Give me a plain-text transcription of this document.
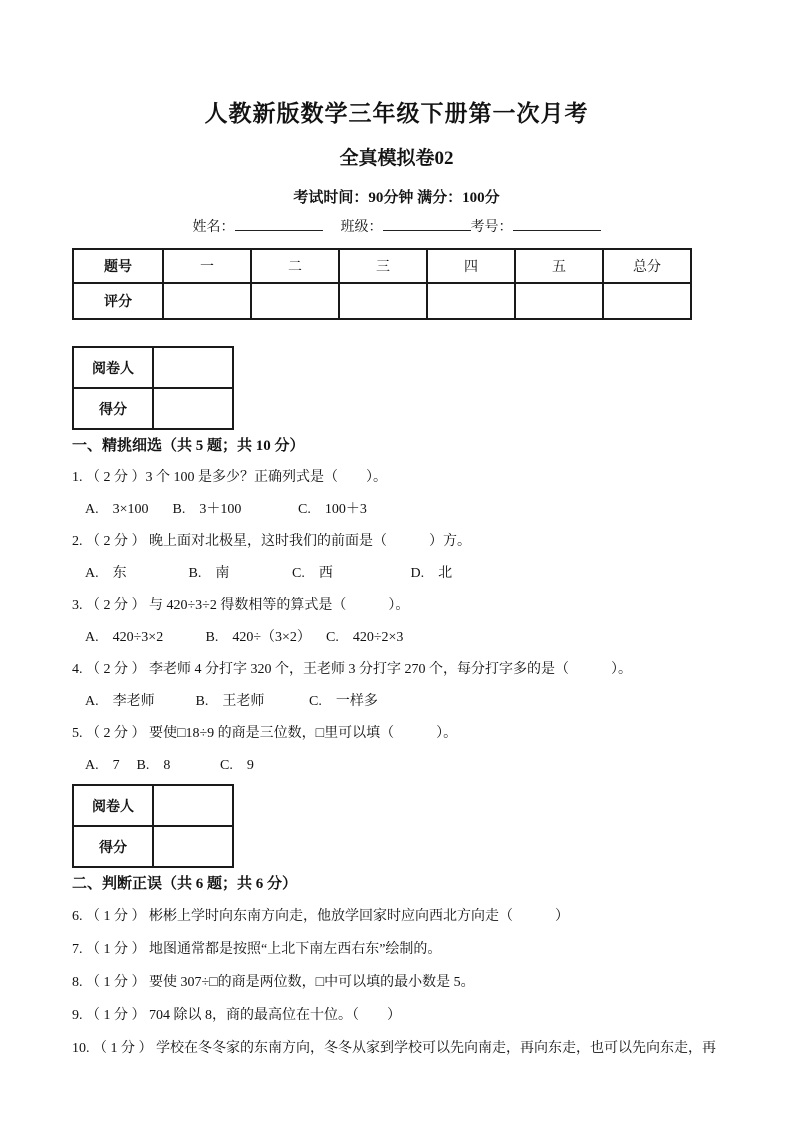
人教新版数学三年级下册第一次月考
全真模拟卷02
考试时间：90分钟 满分：100分
姓名：	班级：	考号：
题号	一	二	三	四	五	总分
评分						
阅卷人	
得分	
一、精挑细选（共 5 题；共 10 分）
1. （ 2 分 ）3 个 100 是多少？正确列式是（　　）。
A.　3×100 B.　3＋100	C.　100＋3
2. （ 2 分 ） 晚上面对北极星，这时我们的前面是（　　　）方。
A.　东	B.　南	C.　西	D.　北
3. （ 2 分 ） 与 420÷3÷2 得数相等的算式是（　　　）。
A.　420÷3×2	B.　420÷（3×2） C.　420÷2×3
4. （ 2 分 ） 李老师 4 分打字 320 个，王老师 3 分打字 270 个，每分打字多的是（　　　）。
A.　李老师	B.　王老师	C.　一样多
5. （ 2 分 ） 要使□18÷9 的商是三位数，□里可以填（　　　）。
A.　7 B.　8	C.　9
阅卷人	
得分	
二、判断正误（共 6 题；共 6 分）
6. （ 1 分 ） 彬彬上学时向东南方向走，他放学回家时应向西北方向走（　　　）
7. （ 1 分 ） 地图通常都是按照“上北下南左西右东”绘制的。
8. （ 1 分 ） 要使 307÷□的商是两位数，□中可以填的最小数是 5。
9. （ 1 分 ） 704 除以 8，商的最高位在十位。（　　）
10. （ 1 分 ） 学校在冬冬家的东南方向，冬冬从家到学校可以先向南走，再向东走，也可以先向东走，再
